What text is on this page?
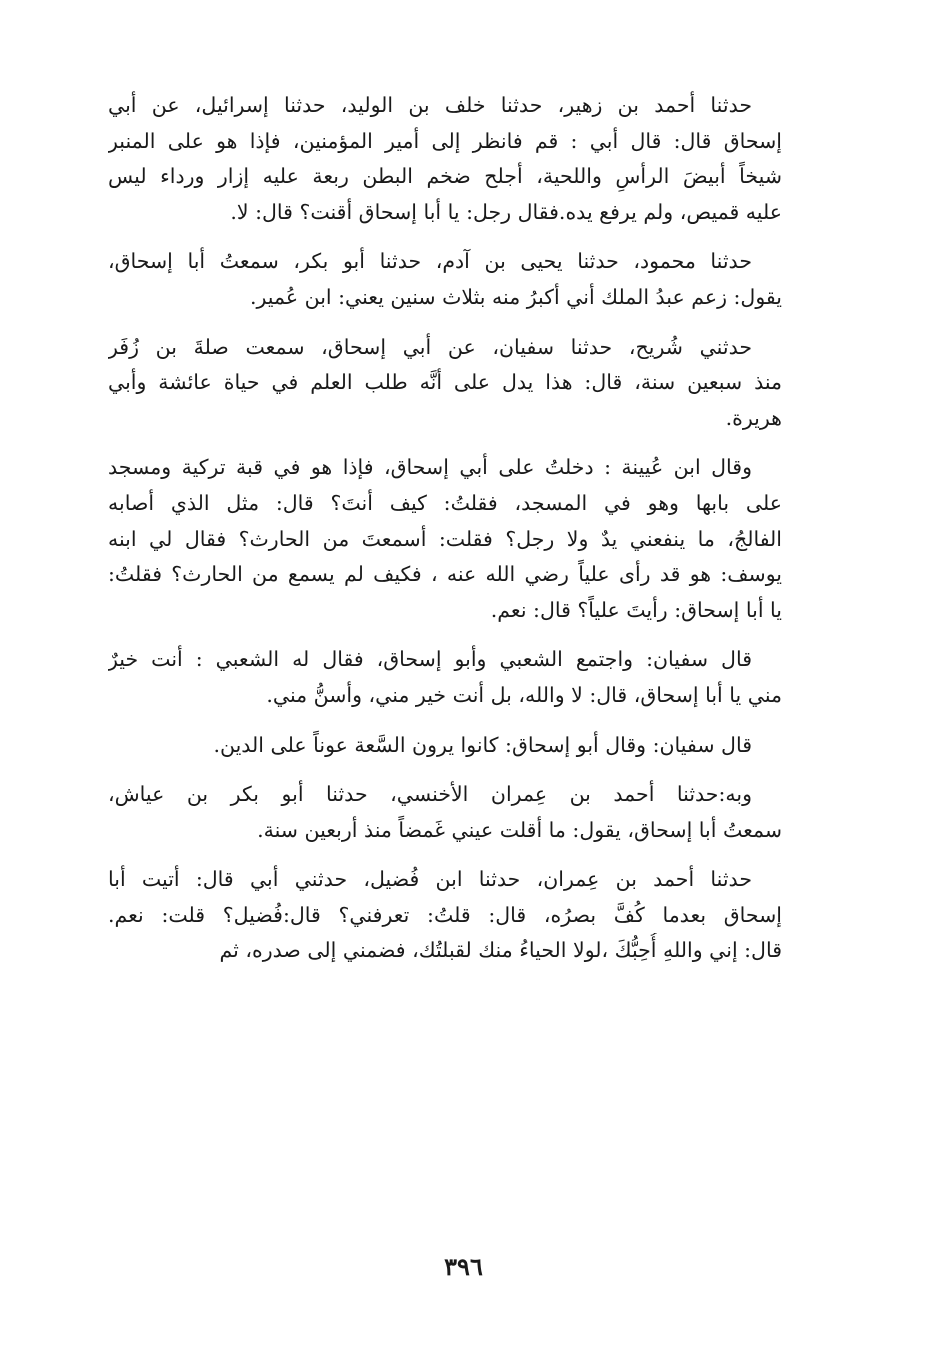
حدثنا أحمد بن زهير، حدثنا خلف بن الوليد، حدثنا إسرائيل، عن أبي
إسحاق قال: قال أبي : قم فانظر إلى أمير المؤمنين، فإذا هو على المنبر
شيخاً أبيضَ الرأسِ واللحية، أجلح ضخم البطن ربعة عليه إزار ورداء ليس
عليه قميص، ولم يرفع يده.فقال رجل: يا أبا إسحاق أقنت؟ قال: لا.
حدثنا محمود، حدثنا يحيى بن آدم، حدثنا أبو بكر، سمعتُ أبا إسحاق،
يقول: زعم عبدُ الملك أني أكبرُ منه بثلاث سنين يعني: ابن عُمير.
حدثني شُريح، حدثنا سفيان، عن أبي إسحاق، سمعت صلةَ بن زُفَر
منذ سبعين سنة، قال: هذا يدل على أنَّه طلب العلم في حياة عائشة وأبي
هريرة.
وقال ابن عُيينة : دخلتُ على أبي إسحاق، فإذا هو في قبة تركية ومسجد
على بابها وهو في المسجد، فقلتُ: كيف أنتَ؟ قال: مثل الذي أصابه
الفالجُ، ما ينفعني يدٌ ولا رجل؟ فقلت: أسمعتَ من الحارث؟ فقال لي ابنه
يوسف: هو قد رأى علياً رضي الله عنه ، فكيف لم يسمع من الحارث؟ فقلتُ:
يا أبا إسحاق: رأيتَ علياً؟ قال: نعم.
قال سفيان: واجتمع الشعبي وأبو إسحاق، فقال له الشعبي : أنت خيرٌ
مني يا أبا إسحاق، قال: لا والله، بل أنت خير مني، وأسنُّ مني.
قال سفيان: وقال أبو إسحاق: كانوا يرون السَّعة عوناً على الدين.
وبه:حدثنا أحمد بن عِمران الأخنسي، حدثنا أبو بكر بن عياش،
سمعتُ أبا إسحاق، يقول: ما أقلت عيني غَمضاً منذ أربعين سنة.
حدثنا أحمد بن عِمران، حدثنا ابن فُضيل، حدثني أبي قال: أتيت أبا
إسحاق بعدما كُفَّ بصرُه، قال: قلتُ: تعرفني؟ قال:فُضيل؟ قلت: نعم.
قال: إني واللهِ أُحِبُّكَ ،لولا الحياءُ منك لقبلتُك، فضمني إلى صدره، ثم
٣٩٦
